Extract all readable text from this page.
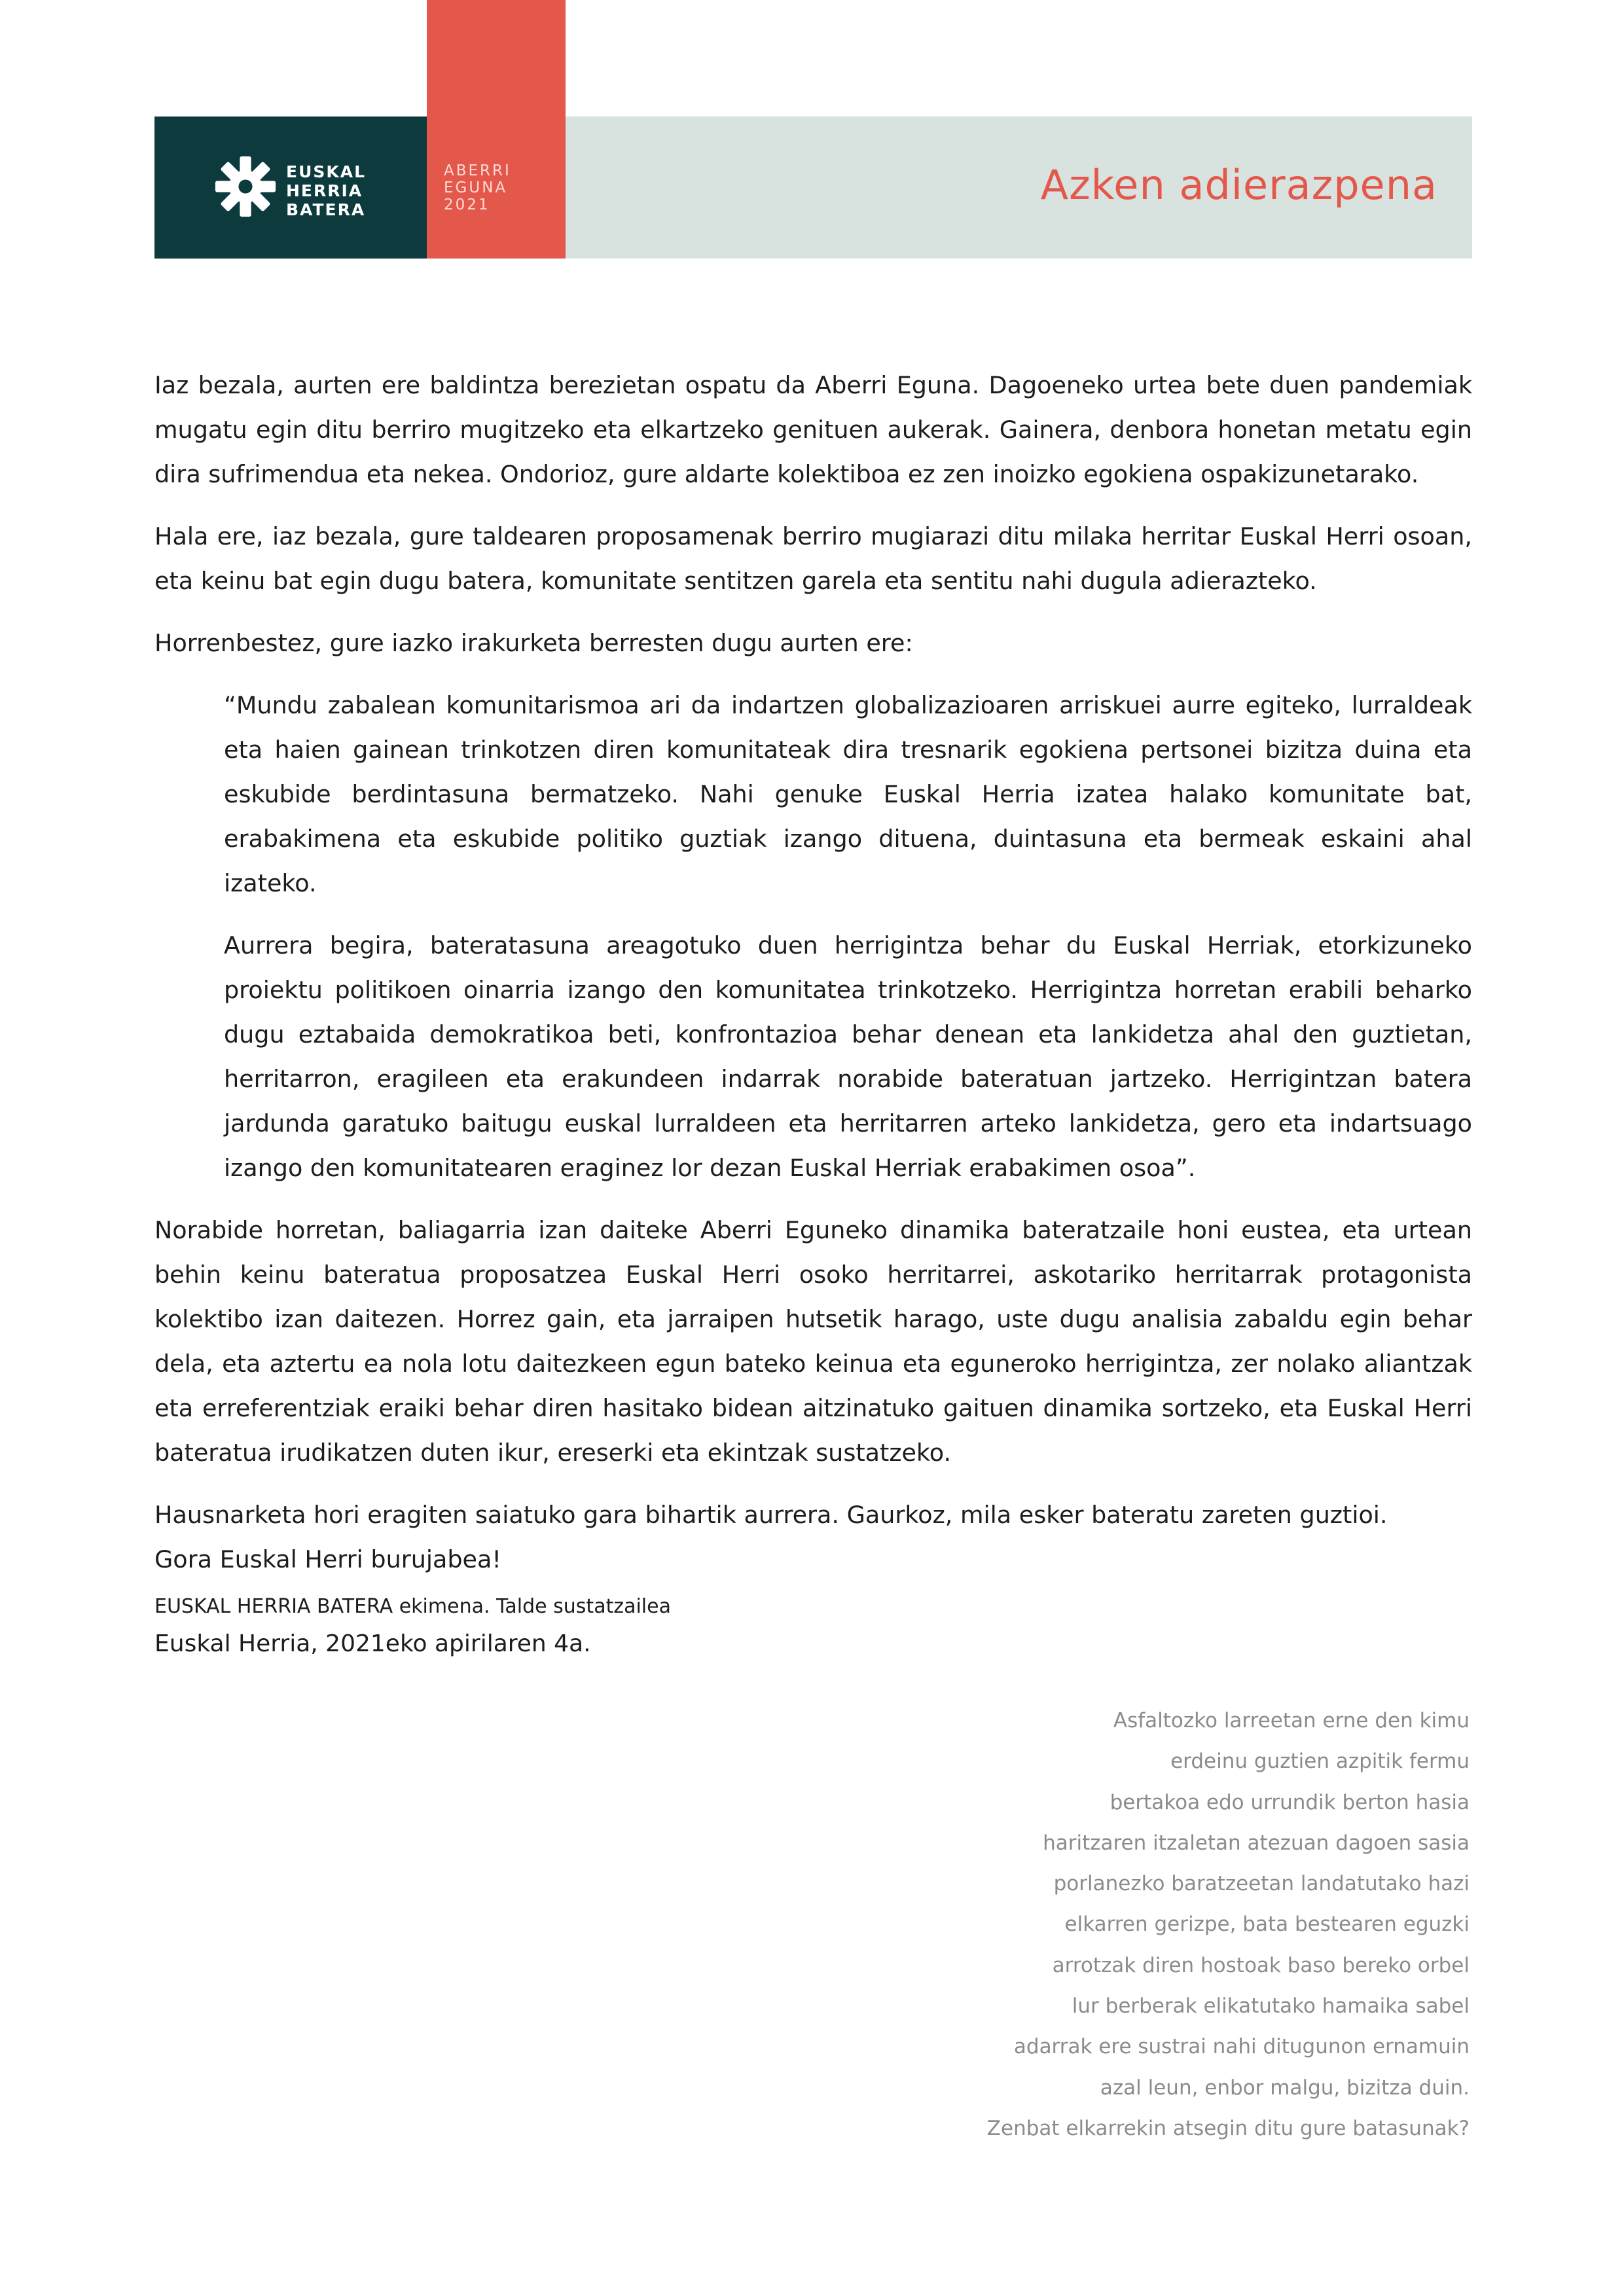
EUSKAL
HERRIA
BATERA
ABERRI
EGUNA
2021	Azken adierazpena

Iaz bezala, aurten ere baldintza berezietan ospatu da Aberri Eguna. Dagoeneko urtea bete duen pandemiak mugatu egin ditu berriro mugitzeko eta elkartzeko genituen aukerak. Gainera, denbora honetan metatu egin dira sufrimendua eta nekea. Ondorioz, gure aldarte kolektiboa ez zen inoizko egokiena ospakizunetarako.

Hala ere, iaz bezala, gure taldearen proposamenak berriro mugiarazi ditu milaka herritar Euskal Herri osoan, eta keinu bat egin dugu batera, komunitate sentitzen garela eta sentitu nahi dugula adierazteko.

Horrenbestez, gure iazko irakurketa berresten dugu aurten ere:

“Mundu zabalean komunitarismoa ari da indartzen globalizazioaren arriskuei aurre egiteko, lurraldeak eta haien gainean trinkotzen diren komunitateak dira tresnarik egokiena pertsonei bizitza duina eta eskubide berdintasuna bermatzeko. Nahi genuke Euskal Herria izatea halako komunitate bat, erabakimena eta eskubide politiko guztiak izango dituena, duintasuna eta bermeak eskaini ahal izateko.

Aurrera begira, bateratasuna areagotuko duen herrigintza behar du Euskal Herriak, etorkizuneko proiektu politikoen oinarria izango den komunitatea trinkotzeko. Herrigintza horretan erabili beharko dugu eztabaida demokratikoa beti, konfrontazioa behar denean eta lankidetza ahal den guztietan, herritarron, eragileen eta erakundeen indarrak norabide bateratuan jartzeko. Herrigintzan batera jardunda garatuko baitugu euskal lurraldeen eta herritarren arteko lankidetza, gero eta indartsuago izango den komunitatearen eraginez lor dezan Euskal Herriak erabakimen osoa”.

Norabide horretan, baliagarria izan daiteke Aberri Eguneko dinamika bateratzaile honi eustea, eta urtean behin keinu bateratua proposatzea Euskal Herri osoko herritarrei, askotariko herritarrak protagonista kolektibo izan daitezen. Horrez gain, eta jarraipen hutsetik harago, uste dugu analisia zabaldu egin behar dela, eta aztertu ea nola lotu daitezkeen egun bateko keinua eta eguneroko herrigintza, zer nolako aliantzak eta erreferentziak eraiki behar diren hasitako bidean aitzinatuko gaituen dinamika sortzeko, eta Euskal Herri bateratua irudikatzen duten ikur, ereserki eta ekintzak sustatzeko.

Hausnarketa hori eragiten saiatuko gara bihartik aurrera. Gaurkoz, mila esker bateratu zareten guztioi.

Gora Euskal Herri burujabea!

EUSKAL HERRIA BATERA ekimena. Talde sustatzailea
Euskal Herria, 2021eko apirilaren 4a.
Asfaltozko larreetan erne den kimu
erdeinu guztien azpitik fermu
bertakoa edo urrundik berton hasia
haritzaren itzaletan atezuan dagoen sasia
porlanezko baratzeetan landatutako hazi
elkarren gerizpe, bata bestearen eguzki
arrotzak diren hostoak baso bereko orbel
lur berberak elikatutako hamaika sabel
adarrak ere sustrai nahi ditugunon ernamuin
azal leun, enbor malgu, bizitza duin.
Zenbat elkarrekin atsegin ditu gure batasunak?
